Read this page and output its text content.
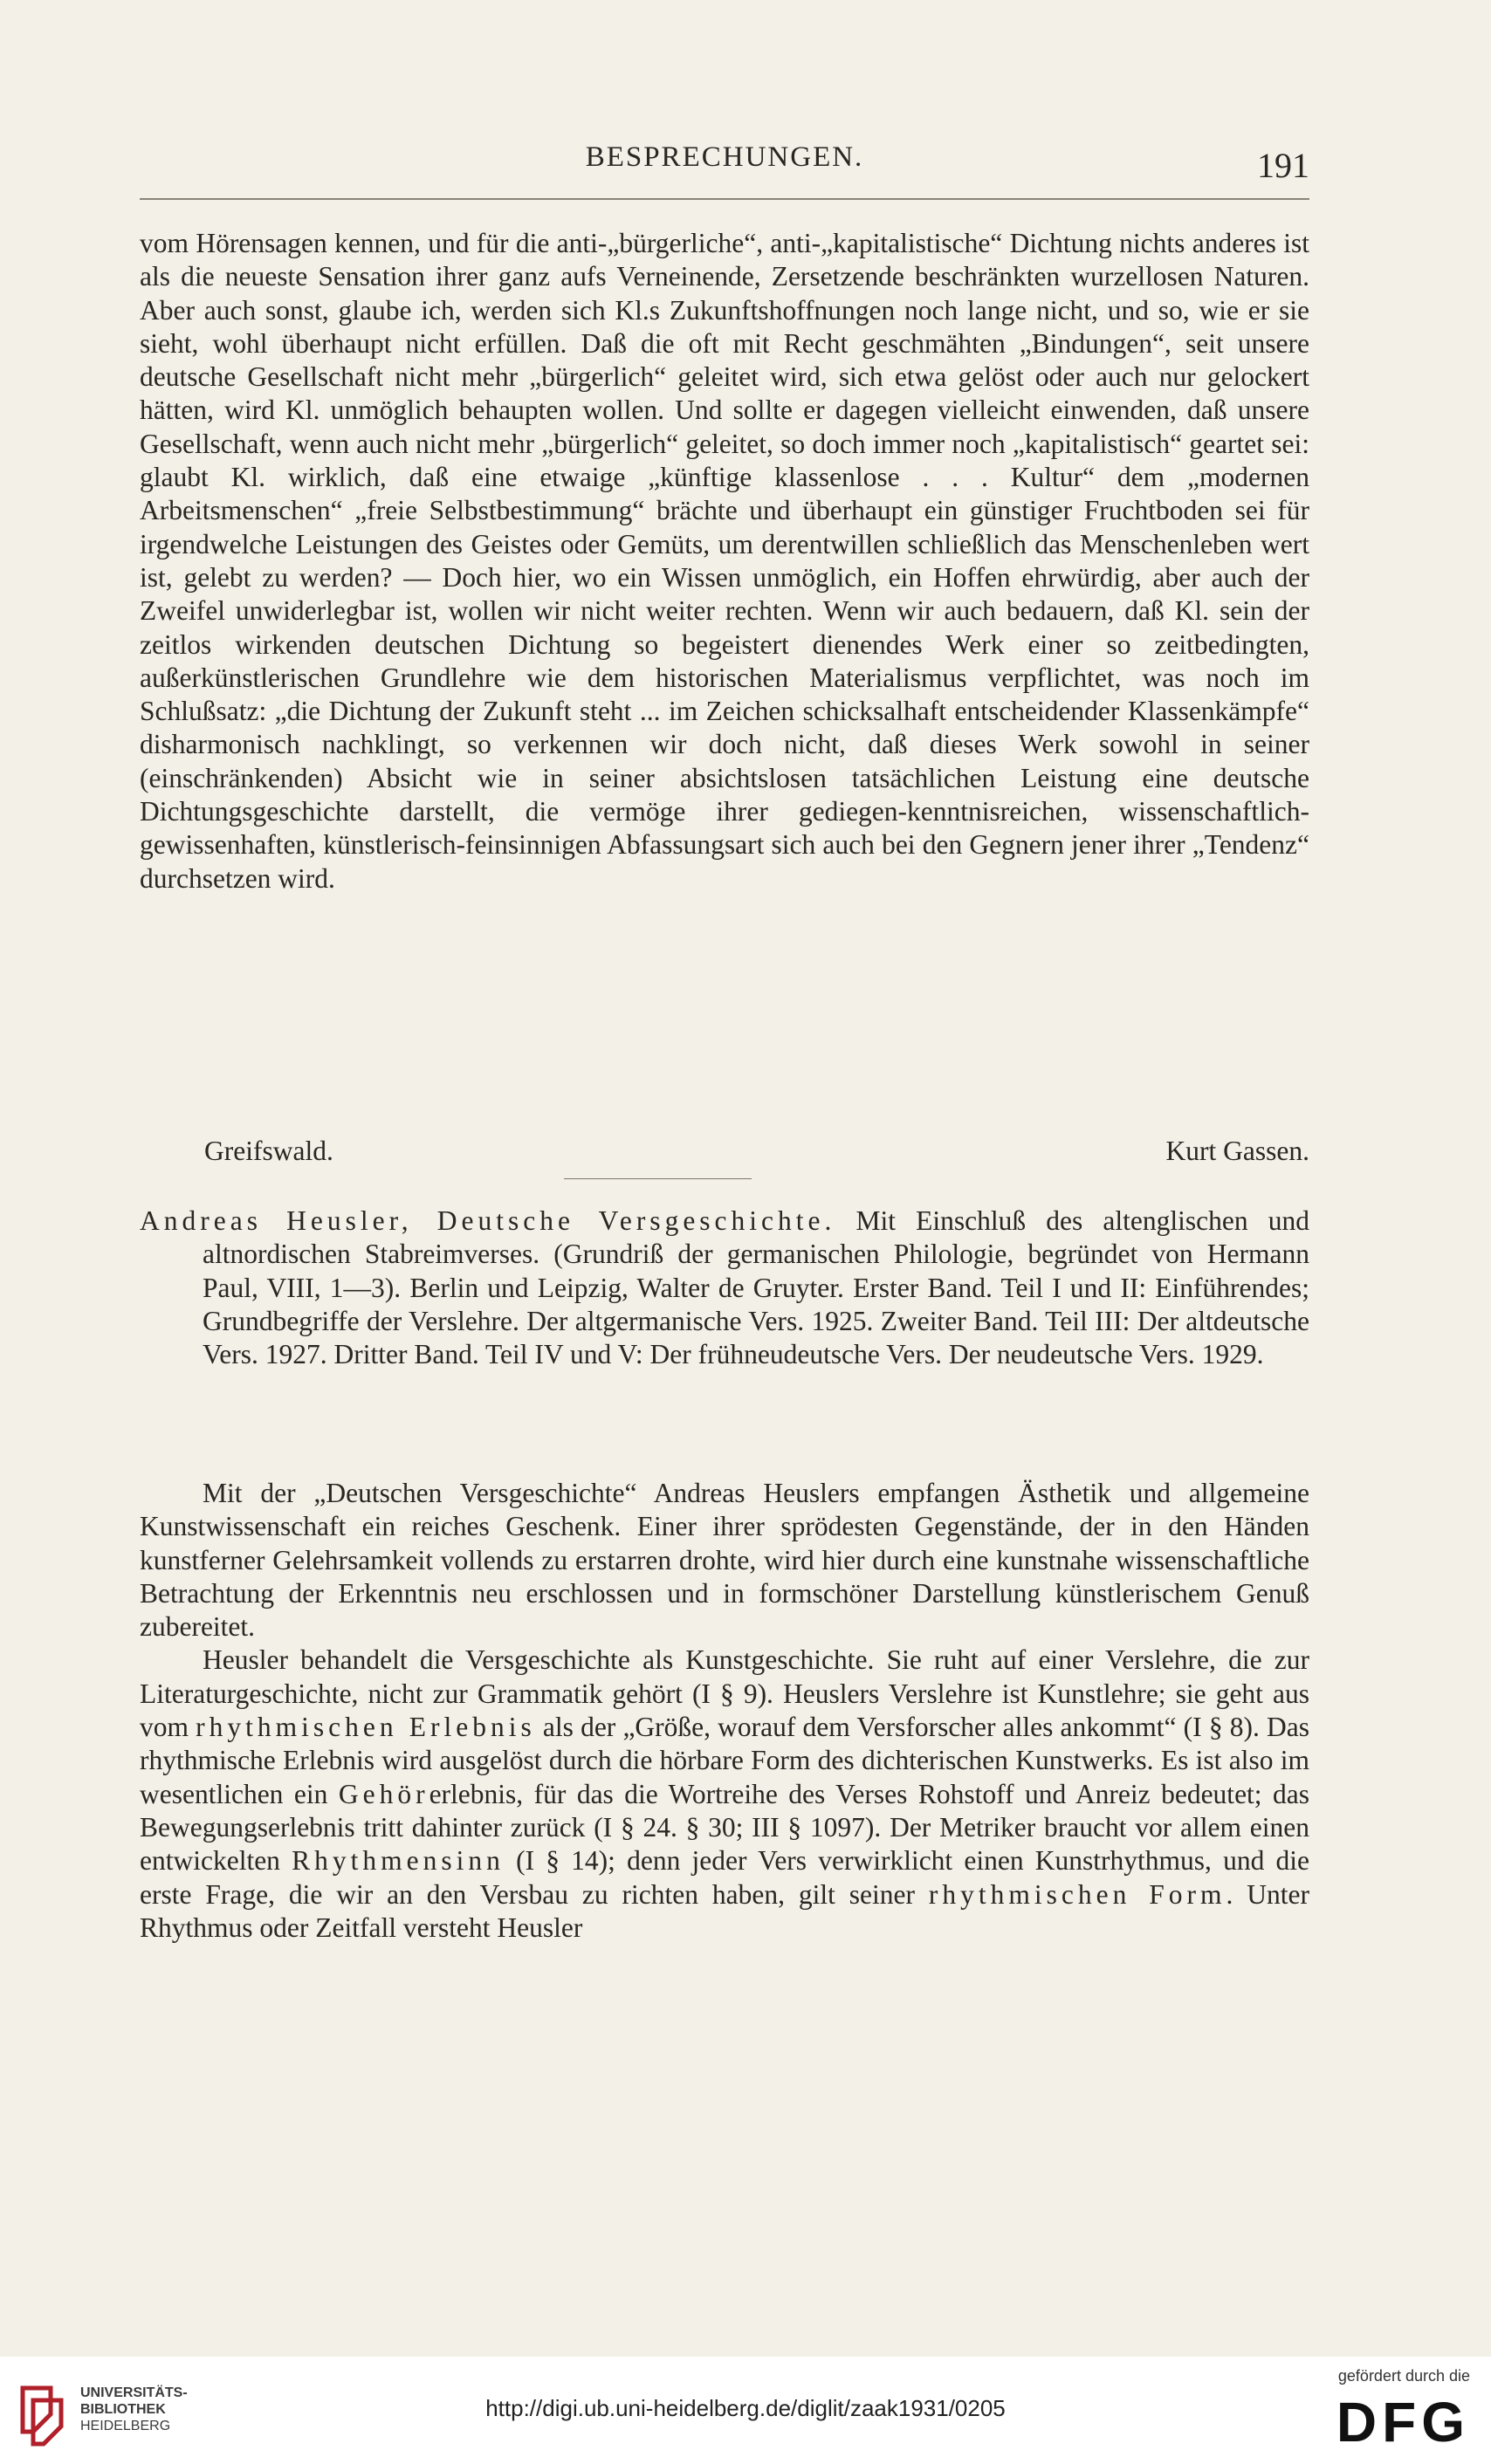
BESPRECHUNGEN.	191

vom Hörensagen kennen, und für die anti-„bürgerliche“, anti-„kapitalistische“ Dichtung nichts anderes ist als die neueste Sensation ihrer ganz aufs Verneinende, Zersetzende beschränkten wurzellosen Naturen. Aber auch sonst, glaube ich, werden sich Kl.s Zukunftshoffnungen noch lange nicht, und so, wie er sie sieht, wohl überhaupt nicht erfüllen. Daß die oft mit Recht geschmähten „Bindungen“, seit unsere deutsche Gesellschaft nicht mehr „bürgerlich“ geleitet wird, sich etwa gelöst oder auch nur gelockert hätten, wird Kl. unmöglich behaupten wollen. Und sollte er dagegen vielleicht einwenden, daß unsere Gesellschaft, wenn auch nicht mehr „bürgerlich“ geleitet, so doch immer noch „kapitalistisch“ geartet sei: glaubt Kl. wirklich, daß eine etwaige „künftige klassenlose . . . Kultur“ dem „modernen Arbeitsmenschen“ „freie Selbstbestimmung“ brächte und überhaupt ein günstiger Fruchtboden sei für irgendwelche Leistungen des Geistes oder Gemüts, um derentwillen schließlich das Menschenleben wert ist, gelebt zu werden? — Doch hier, wo ein Wissen unmöglich, ein Hoffen ehrwürdig, aber auch der Zweifel unwiderlegbar ist, wollen wir nicht weiter rechten. Wenn wir auch bedauern, daß Kl. sein der zeitlos wirkenden deutschen Dichtung so begeistert dienendes Werk einer so zeitbedingten, außerkünstlerischen Grundlehre wie dem historischen Materialismus verpflichtet, was noch im Schlußsatz: „die Dichtung der Zukunft steht ... im Zeichen schicksalhaft entscheidender Klassenkämpfe“ disharmonisch nachklingt, so verkennen wir doch nicht, daß dieses Werk sowohl in seiner (einschränkenden) Absicht wie in seiner absichtslosen tatsächlichen Leistung eine deutsche Dichtungsgeschichte darstellt, die vermöge ihrer gediegen-kenntnisreichen, wissenschaftlich-gewissenhaften, künstlerisch-feinsinnigen Abfassungsart sich auch bei den Gegnern jener ihrer „Tendenz“ durchsetzen wird.

Greifswald.	Kurt Gassen.
Andreas Heusler, Deutsche Versgeschichte. Mit Einschluß des altenglischen und altnordischen Stabreimverses. (Grundriß der germanischen Philologie, begründet von Hermann Paul, VIII, 1—3). Berlin und Leipzig, Walter de Gruyter. Erster Band. Teil I und II: Einführendes; Grundbegriffe der Verslehre. Der altgermanische Vers. 1925. Zweiter Band. Teil III: Der altdeutsche Vers. 1927. Dritter Band. Teil IV und V: Der frühneudeutsche Vers. Der neudeutsche Vers. 1929.

Mit der „Deutschen Versgeschichte“ Andreas Heuslers empfangen Ästhetik und allgemeine Kunstwissenschaft ein reiches Geschenk. Einer ihrer sprödesten Gegenstände, der in den Händen kunstferner Gelehrsamkeit vollends zu erstarren drohte, wird hier durch eine kunstnahe wissenschaftliche Betrachtung der Erkenntnis neu erschlossen und in formschöner Darstellung künstlerischem Genuß zubereitet.

Heusler behandelt die Versgeschichte als Kunstgeschichte. Sie ruht auf einer Verslehre, die zur Literaturgeschichte, nicht zur Grammatik gehört (I § 9). Heuslers Verslehre ist Kunstlehre; sie geht aus vom rhythmischen Erlebnis als der „Größe, worauf dem Versforscher alles ankommt“ (I § 8). Das rhythmische Erlebnis wird ausgelöst durch die hörbare Form des dichterischen Kunstwerks. Es ist also im wesentlichen ein Gehörerlebnis, für das die Wortreihe des Verses Rohstoff und Anreiz bedeutet; das Bewegungserlebnis tritt dahinter zurück (I § 24. § 30; III § 1097). Der Metriker braucht vor allem einen entwickelten Rhythmensinn (I § 14); denn jeder Vers verwirklicht einen Kunstrhythmus, und die erste Frage, die wir an den Versbau zu richten haben, gilt seiner rhythmischen Form. Unter Rhythmus oder Zeitfall versteht Heusler

UNIVERSITÄTS-
BIBLIOTHEK
HEIDELBERG
http://digi.ub.uni-heidelberg.de/diglit/zaak1931/0205
gefördert durch die
DFG
